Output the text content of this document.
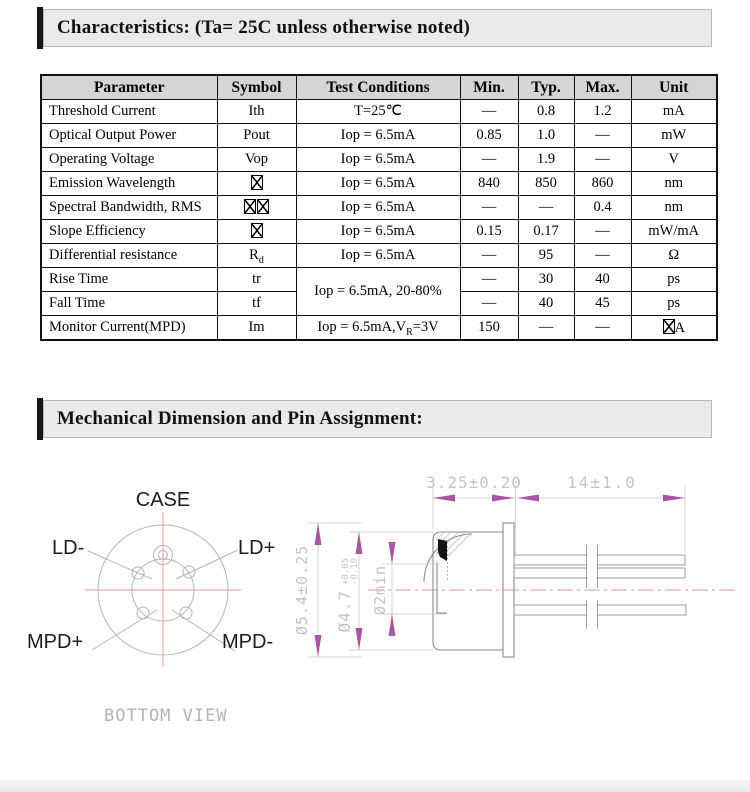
Characteristics: (Ta= 25C unless otherwise noted)
Parameter	Symbol	Test Conditions	Min.	Typ.	Max.	Unit
Threshold Current	Ith	T=25℃	—	0.8	1.2	mA
Optical Output Power	Pout	Iop = 6.5mA	0.85	1.0	—	mW
Operating Voltage	Vop	Iop = 6.5mA	—	1.9	—	V
Emission Wavelength		Iop = 6.5mA	840	850	860	nm
Spectral Bandwidth, RMS		Iop = 6.5mA	—	—	0.4	nm
Slope Efficiency		Iop = 6.5mA	0.15	0.17	—	mW/mA
Differential resistance	$R_d$	Iop = 6.5mA	—	95	—	Ω
Rise Time	tr	Iop = 6.5mA, 20-80%	—	30	40	ps
Fall Time	tf		—	40	45	ps
Monitor Current(MPD)	Im	Iop = $6.5mA,V_R=3V$	150	—	—	A
Mechanical Dimension and Pin Assignment:
CASE
LD-	LD+
MPD+	MPD-
BOTTOM VIEW
3.25±0.20	14±1.0
Ø5.4±0.25 Ø4.7
+0.05 -0.10 Ø2min
